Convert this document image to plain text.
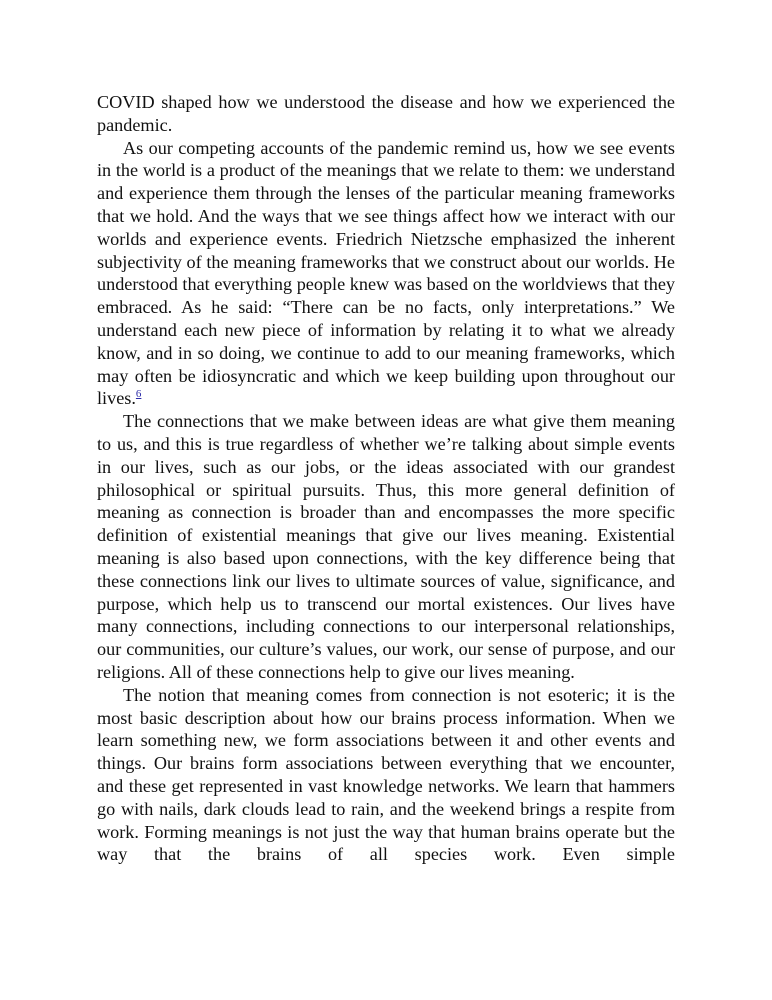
COVID shaped how we understood the disease and how we experienced the pandemic.

As our competing accounts of the pandemic remind us, how we see events in the world is a product of the meanings that we relate to them: we understand and experience them through the lenses of the particular meaning frameworks that we hold. And the ways that we see things affect how we interact with our worlds and experience events. Friedrich Nietzsche emphasized the inherent subjectivity of the meaning frameworks that we construct about our worlds. He understood that everything people knew was based on the worldviews that they embraced. As he said: “There can be no facts, only interpretations.” We understand each new piece of information by relating it to what we already know, and in so doing, we continue to add to our meaning frameworks, which may often be idiosyncratic and which we keep building upon throughout our lives.$^6$

The connections that we make between ideas are what give them meaning to us, and this is true regardless of whether we’re talking about simple events in our lives, such as our jobs, or the ideas associated with our grandest philosophical or spiritual pursuits. Thus, this more general definition of meaning as connection is broader than and encompasses the more specific definition of existential meanings that give our lives meaning. Existential meaning is also based upon connections, with the key difference being that these connections link our lives to ultimate sources of value, significance, and purpose, which help us to transcend our mortal existences. Our lives have many connections, including connections to our interpersonal relationships, our communities, our culture’s values, our work, our sense of purpose, and our religions. All of these connections help to give our lives meaning.

The notion that meaning comes from connection is not esoteric; it is the most basic description about how our brains process information. When we learn something new, we form associations between it and other events and things. Our brains form associations between everything that we encounter, and these get represented in vast knowledge networks. We learn that hammers go with nails, dark clouds lead to rain, and the weekend brings a respite from work. Forming meanings is not just the way that human brains operate but the way that the brains of all species work. Even simple
